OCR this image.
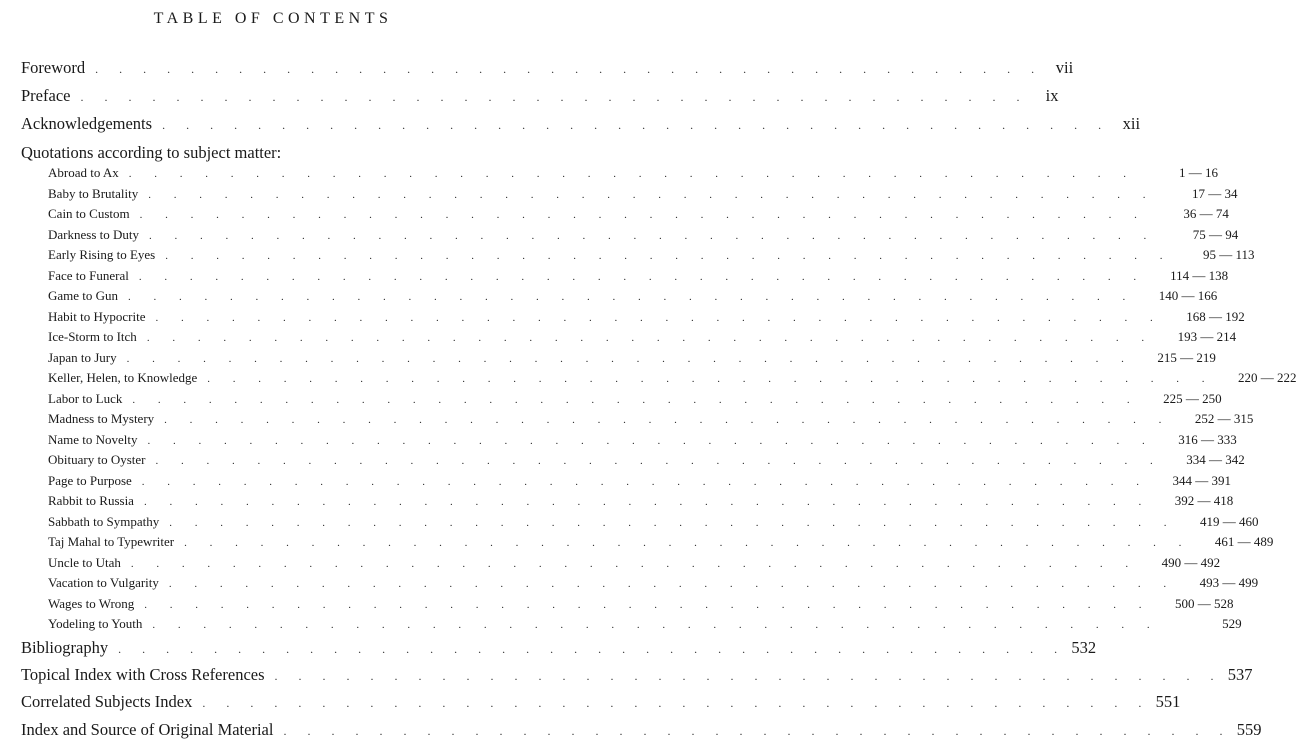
TABLE OF CONTENTS
Foreword . . . . . . . . . . . . . . . . . . . . . . . . . . . . . . . . . . . . . . . . vii
Preface . . . . . . . . . . . . . . . . . . . . . . . . . . . . . . . . . . . . . . . .	ix
Acknowledgements . . . . . . . . . . . . . . . . . . . . . . . . . . . . . . . . . . . . . . . . xii
Quotations according to subject matter:
Abroad to Ax . . . . . . . . . . . . . . . . . . . . . . . . . . . . . . . . . . . . . . . .	1 — 16
Baby to Brutality . . . . . . . . . . . . . . . . . . . . . . . . . . . . . . . . . . . . . . . .	17 — 34
Cain to Custom . . . . . . . . . . . . . . . . . . . . . . . . . . . . . . . . . . . . . . . .	36 — 74
Darkness to Duty . . . . . . . . . . . . . . . . . . . . . . . . . . . . . . . . . . . . . . . .	75 — 94
Early Rising to Eyes . . . . . . . . . . . . . . . . . . . . . . . . . . . . . . . . . . . . . . . .	95 — 113
Face to Funeral . . . . . . . . . . . . . . . . . . . . . . . . . . . . . . . . . . . . . . . .	114 — 138
Game to Gun . . . . . . . . . . . . . . . . . . . . . . . . . . . . . . . . . . . . . . . .	140 — 166
Habit to Hypocrite . . . . . . . . . . . . . . . . . . . . . . . . . . . . . . . . . . . . . . . .	168 — 192
Ice-Storm to Itch . . . . . . . . . . . . . . . . . . . . . . . . . . . . . . . . . . . . . . . .	193 — 214
Japan to Jury . . . . . . . . . . . . . . . . . . . . . . . . . . . . . . . . . . . . . . . .	215 — 219
Keller, Helen, to Knowledge . . . . . . . . . . . . . . . . . . . . . . . . . . . . . . . . . . . . . . . .	220 — 222
Labor to Luck . . . . . . . . . . . . . . . . . . . . . . . . . . . . . . . . . . . . . . . .	225 — 250
Madness to Mystery . . . . . . . . . . . . . . . . . . . . . . . . . . . . . . . . . . . . . . . .	252 — 315
Name to Novelty . . . . . . . . . . . . . . . . . . . . . . . . . . . . . . . . . . . . . . . .	316 — 333
Obituary to Oyster . . . . . . . . . . . . . . . . . . . . . . . . . . . . . . . . . . . . . . . .	334 — 342
Page to Purpose . . . . . . . . . . . . . . . . . . . . . . . . . . . . . . . . . . . . . . . .	344 — 391
Rabbit to Russia . . . . . . . . . . . . . . . . . . . . . . . . . . . . . . . . . . . . . . . .	392 — 418
Sabbath to Sympathy . . . . . . . . . . . . . . . . . . . . . . . . . . . . . . . . . . . . . . . .	419 — 460
Taj Mahal to Typewriter . . . . . . . . . . . . . . . . . . . . . . . . . . . . . . . . . . . . . . . .	461 — 489
Uncle to Utah . . . . . . . . . . . . . . . . . . . . . . . . . . . . . . . . . . . . . . . .	490 — 492
Vacation to Vulgarity . . . . . . . . . . . . . . . . . . . . . . . . . . . . . . . . . . . . . . . .	493 — 499
Wages to Wrong . . . . . . . . . . . . . . . . . . . . . . . . . . . . . . . . . . . . . . . .	500 — 528
Yodeling to Youth . . . . . . . . . . . . . . . . . . . . . . . . . . . . . . . . . . . . . . . .	529
Bibliography . . . . . . . . . . . . . . . . . . . . . . . . . . . . . . . . . . . . . . . . 532
Topical Index with Cross References . . . . . . . . . . . . . . . . . . . . . . . . . . . . . . . . . . . . . . . . 537
Correlated Subjects Index . . . . . . . . . . . . . . . . . . . . . . . . . . . . . . . . . . . . . . . . 551
Index and Source of Original Material . . . . . . . . . . . . . . . . . . . . . . . . . . . . . . . . . . . . . . . . 559
